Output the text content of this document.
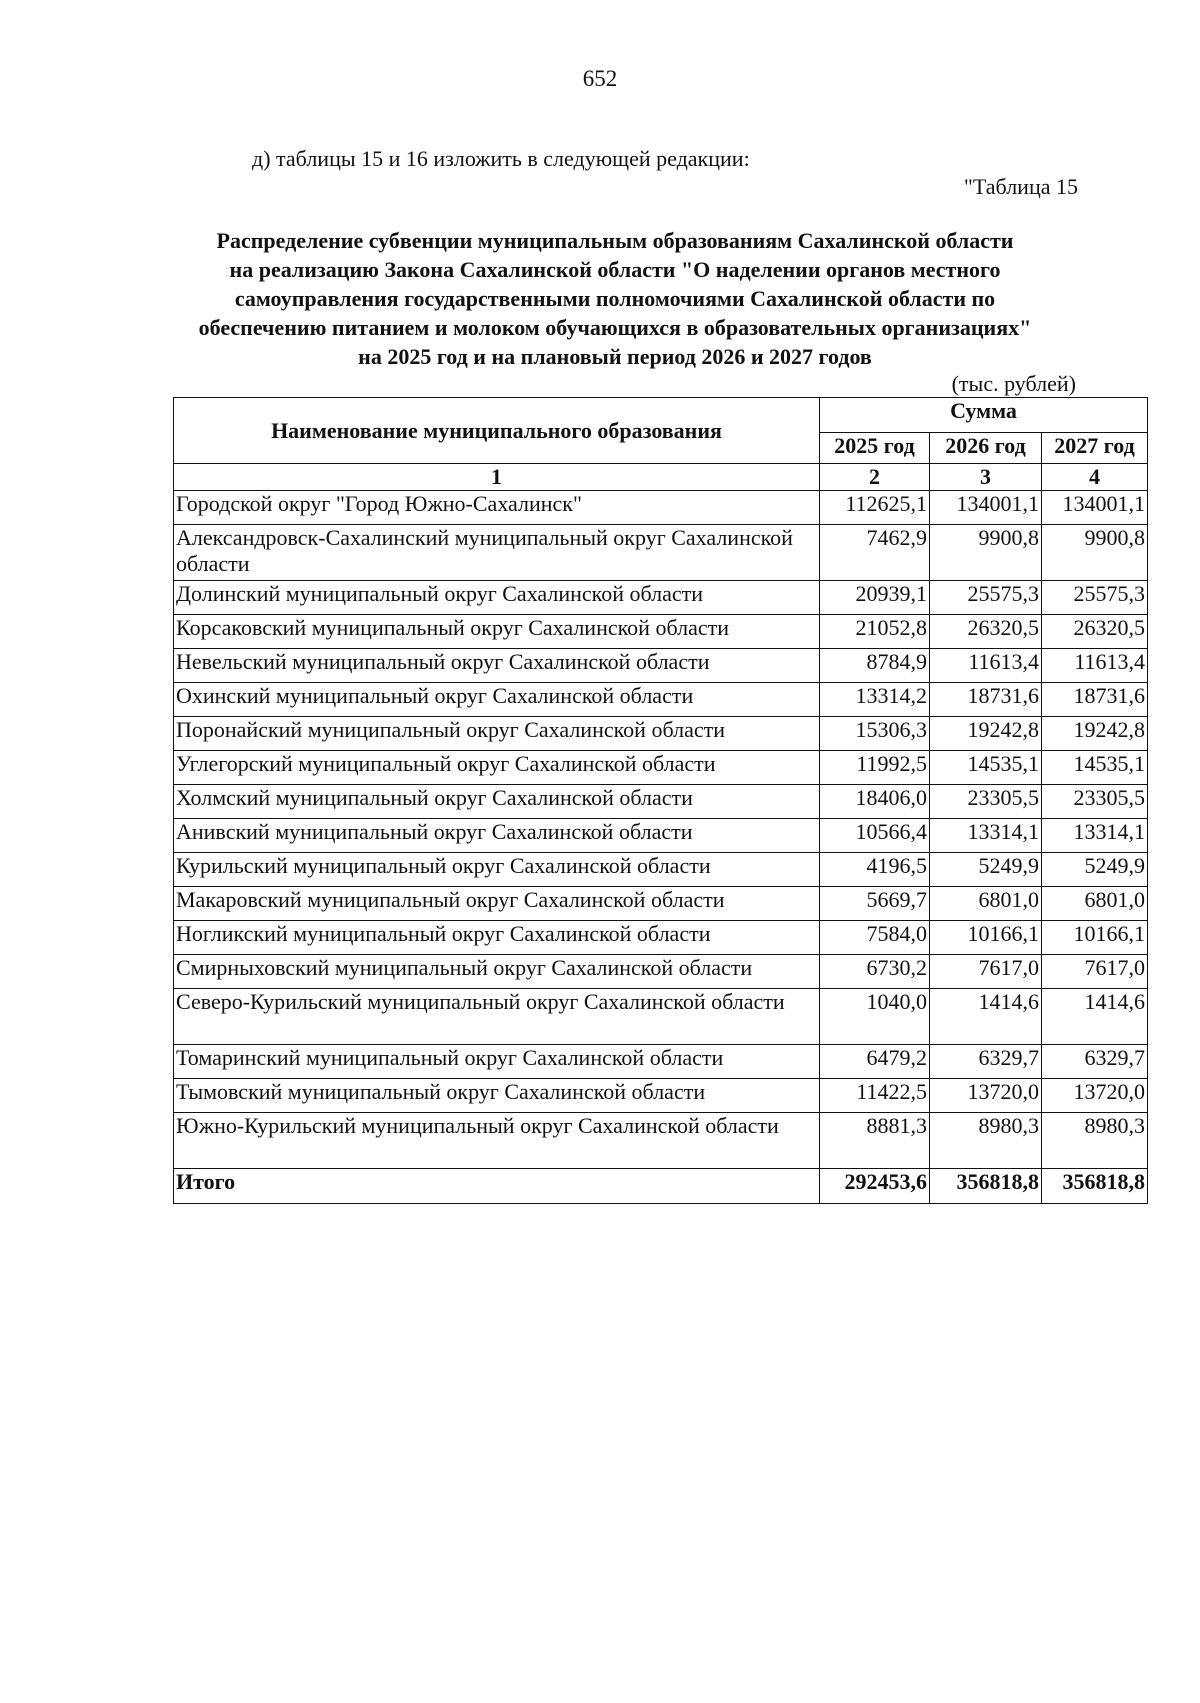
652
д) таблицы 15 и 16 изложить в следующей редакции:
"Таблица 15
Распределение субвенции муниципальным образованиям Сахалинской области
на реализацию Закона Сахалинской области "О наделении органов местного
самоуправления государственными полномочиями Сахалинской области по
обеспечению питанием и молоком обучающихся в образовательных организациях"
на 2025 год и на плановый период 2026 и 2027 годов
(тыс. рублей)
Наименование муниципального образования	Сумма		
	2025 год	2026 год	2027 год
1	2	3	4
Городской округ "Город Южно-Сахалинск"	112625,1	134001,1	134001,1
Александровск-Сахалинский муниципальный округ Сахалинской области	7462,9	9900,8	9900,8
Долинский муниципальный округ Сахалинской области	20939,1	25575,3	25575,3
Корсаковский муниципальный округ Сахалинской области	21052,8	26320,5	26320,5
Невельский муниципальный округ Сахалинской области	8784,9	11613,4	11613,4
Охинский муниципальный округ Сахалинской области	13314,2	18731,6	18731,6
Поронайский муниципальный округ Сахалинской области	15306,3	19242,8	19242,8
Углегорский муниципальный округ Сахалинской области	11992,5	14535,1	14535,1
Холмский муниципальный округ Сахалинской области	18406,0	23305,5	23305,5
Анивский муниципальный округ Сахалинской области	10566,4	13314,1	13314,1
Курильский муниципальный округ Сахалинской области	4196,5	5249,9	5249,9
Макаровский муниципальный округ Сахалинской области	5669,7	6801,0	6801,0
Ногликский муниципальный округ Сахалинской области	7584,0	10166,1	10166,1
Смирныховский муниципальный округ Сахалинской области	6730,2	7617,0	7617,0
Северо-Курильский муниципальный округ Сахалинской области	1040,0	1414,6	1414,6
Томаринский муниципальный округ Сахалинской области	6479,2	6329,7	6329,7
Тымовский муниципальный округ Сахалинской области	11422,5	13720,0	13720,0
Южно-Курильский муниципальный округ Сахалинской области	8881,3	8980,3	8980,3
Итого	292453,6	356818,8	356818,8
